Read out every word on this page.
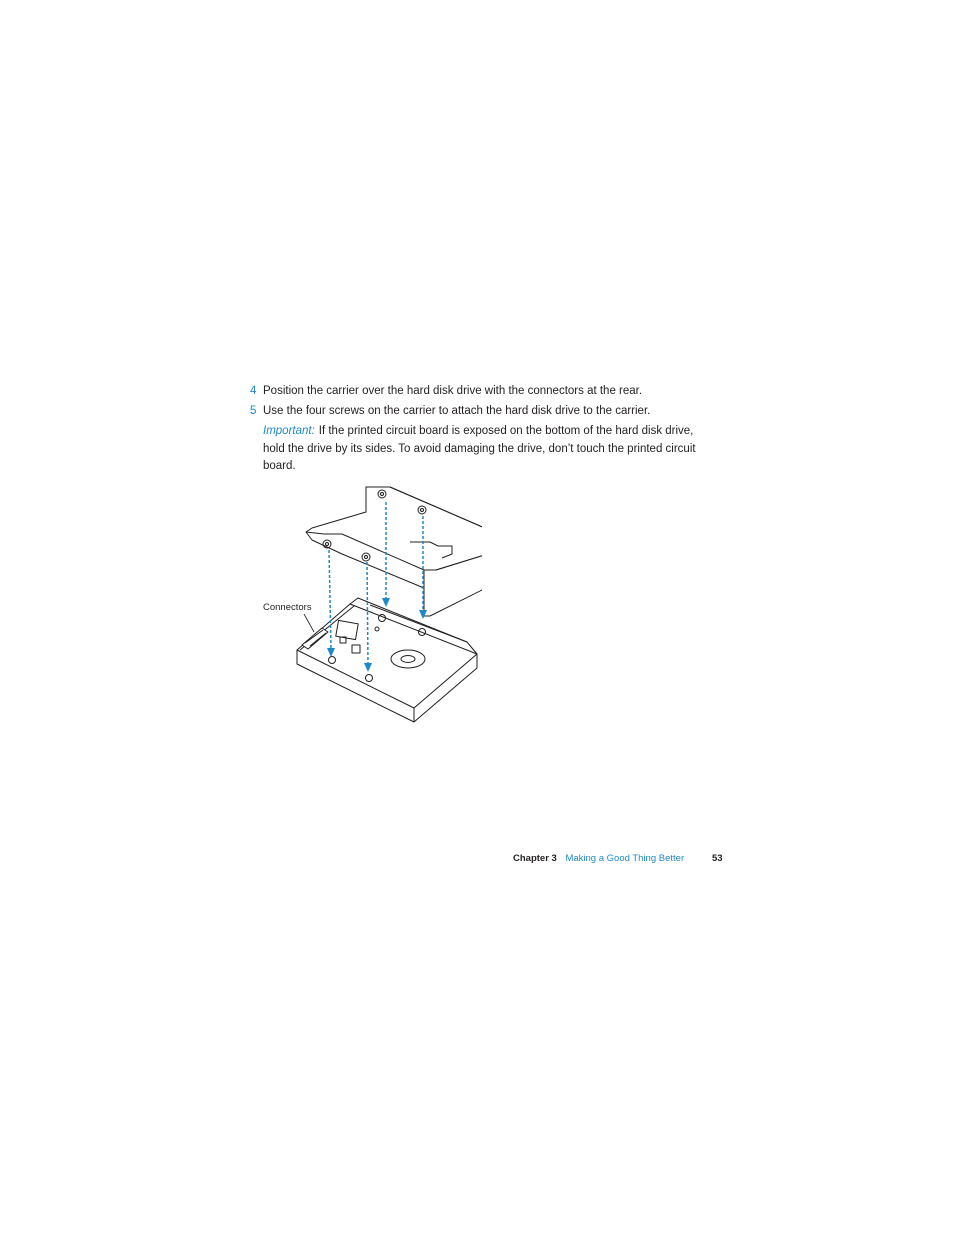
4 Position the carrier over the hard disk drive with the connectors at the rear.
5 Use the four screws on the carrier to attach the hard disk drive to the carrier.
Important: If the printed circuit board is exposed on the bottom of the hard disk drive, hold the drive by its sides. To avoid damaging the drive, don’t touch the printed circuit board.
Connectors
Chapter 3 Making a Good Thing Better	53
